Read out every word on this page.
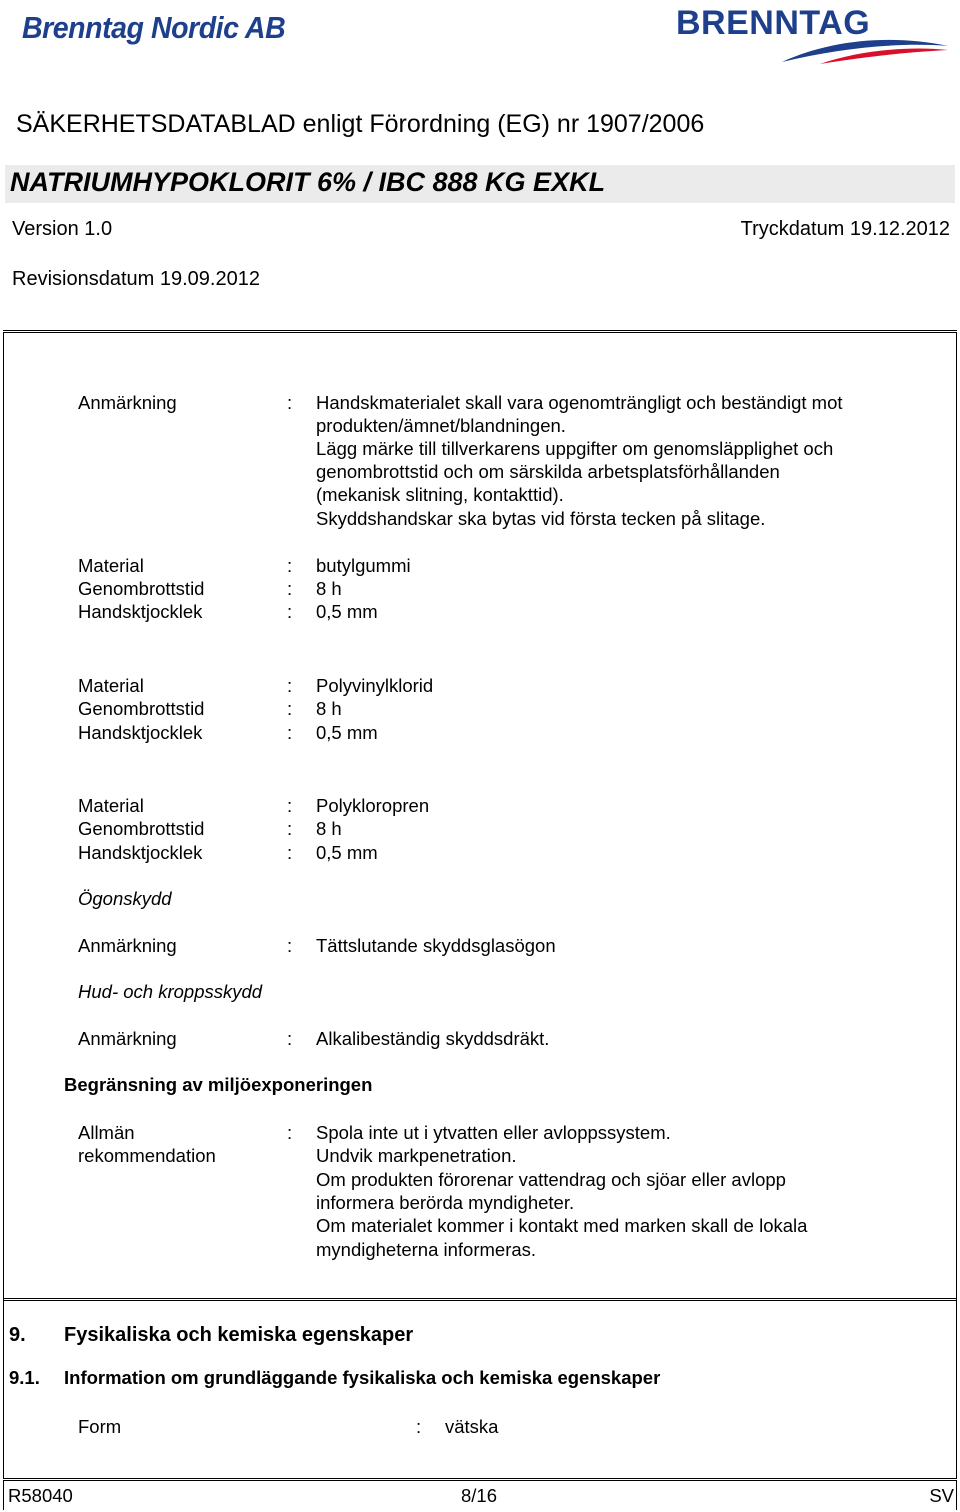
Brenntag Nordic AB	BRENNTAG
SÄKERHETSDATABLAD enligt Förordning (EG) nr 1907/2006
NATRIUMHYPOKLORIT 6% / IBC 888 KG EXKL
Version 1.0	Tryckdatum 19.12.2012
Revisionsdatum 19.09.2012
Anmärkning	: Handskmaterialet skall vara ogenomträngligt och beständigt mot
produkten/ämnet/blandningen.
Lägg märke till tillverkarens uppgifter om genomsläpplighet och
genombrottstid och om särskilda arbetsplatsförhållanden
(mekanisk slitning, kontakttid).
Skyddshandskar ska bytas vid första tecken på slitage.
Material	: butylgummi
Genombrottstid	: 8 h
Handsktjocklek	: 0,5 mm
Material	: Polyvinylklorid
Genombrottstid	: 8 h
Handsktjocklek	: 0,5 mm
Material	: Polykloropren
Genombrottstid	: 8 h
Handsktjocklek	: 0,5 mm
Ögonskydd
Anmärkning	: Tättslutande skyddsglasögon
Hud- och kroppsskydd
Anmärkning	: Alkalibeständig skyddsdräkt.
Begränsning av miljöexponeringen
Allmän
rekommendation
: Spola inte ut i ytvatten eller avloppssystem.
Undvik markpenetration.
Om produkten förorenar vattendrag och sjöar eller avlopp
informera berörda myndigheter.
Om materialet kommer i kontakt med marken skall de lokala
myndigheterna informeras.
9. Fysikaliska och kemiska egenskaper
9.1. Information om grundläggande fysikaliska och kemiska egenskaper
Form	: vätska
R58040	8/16	SV
